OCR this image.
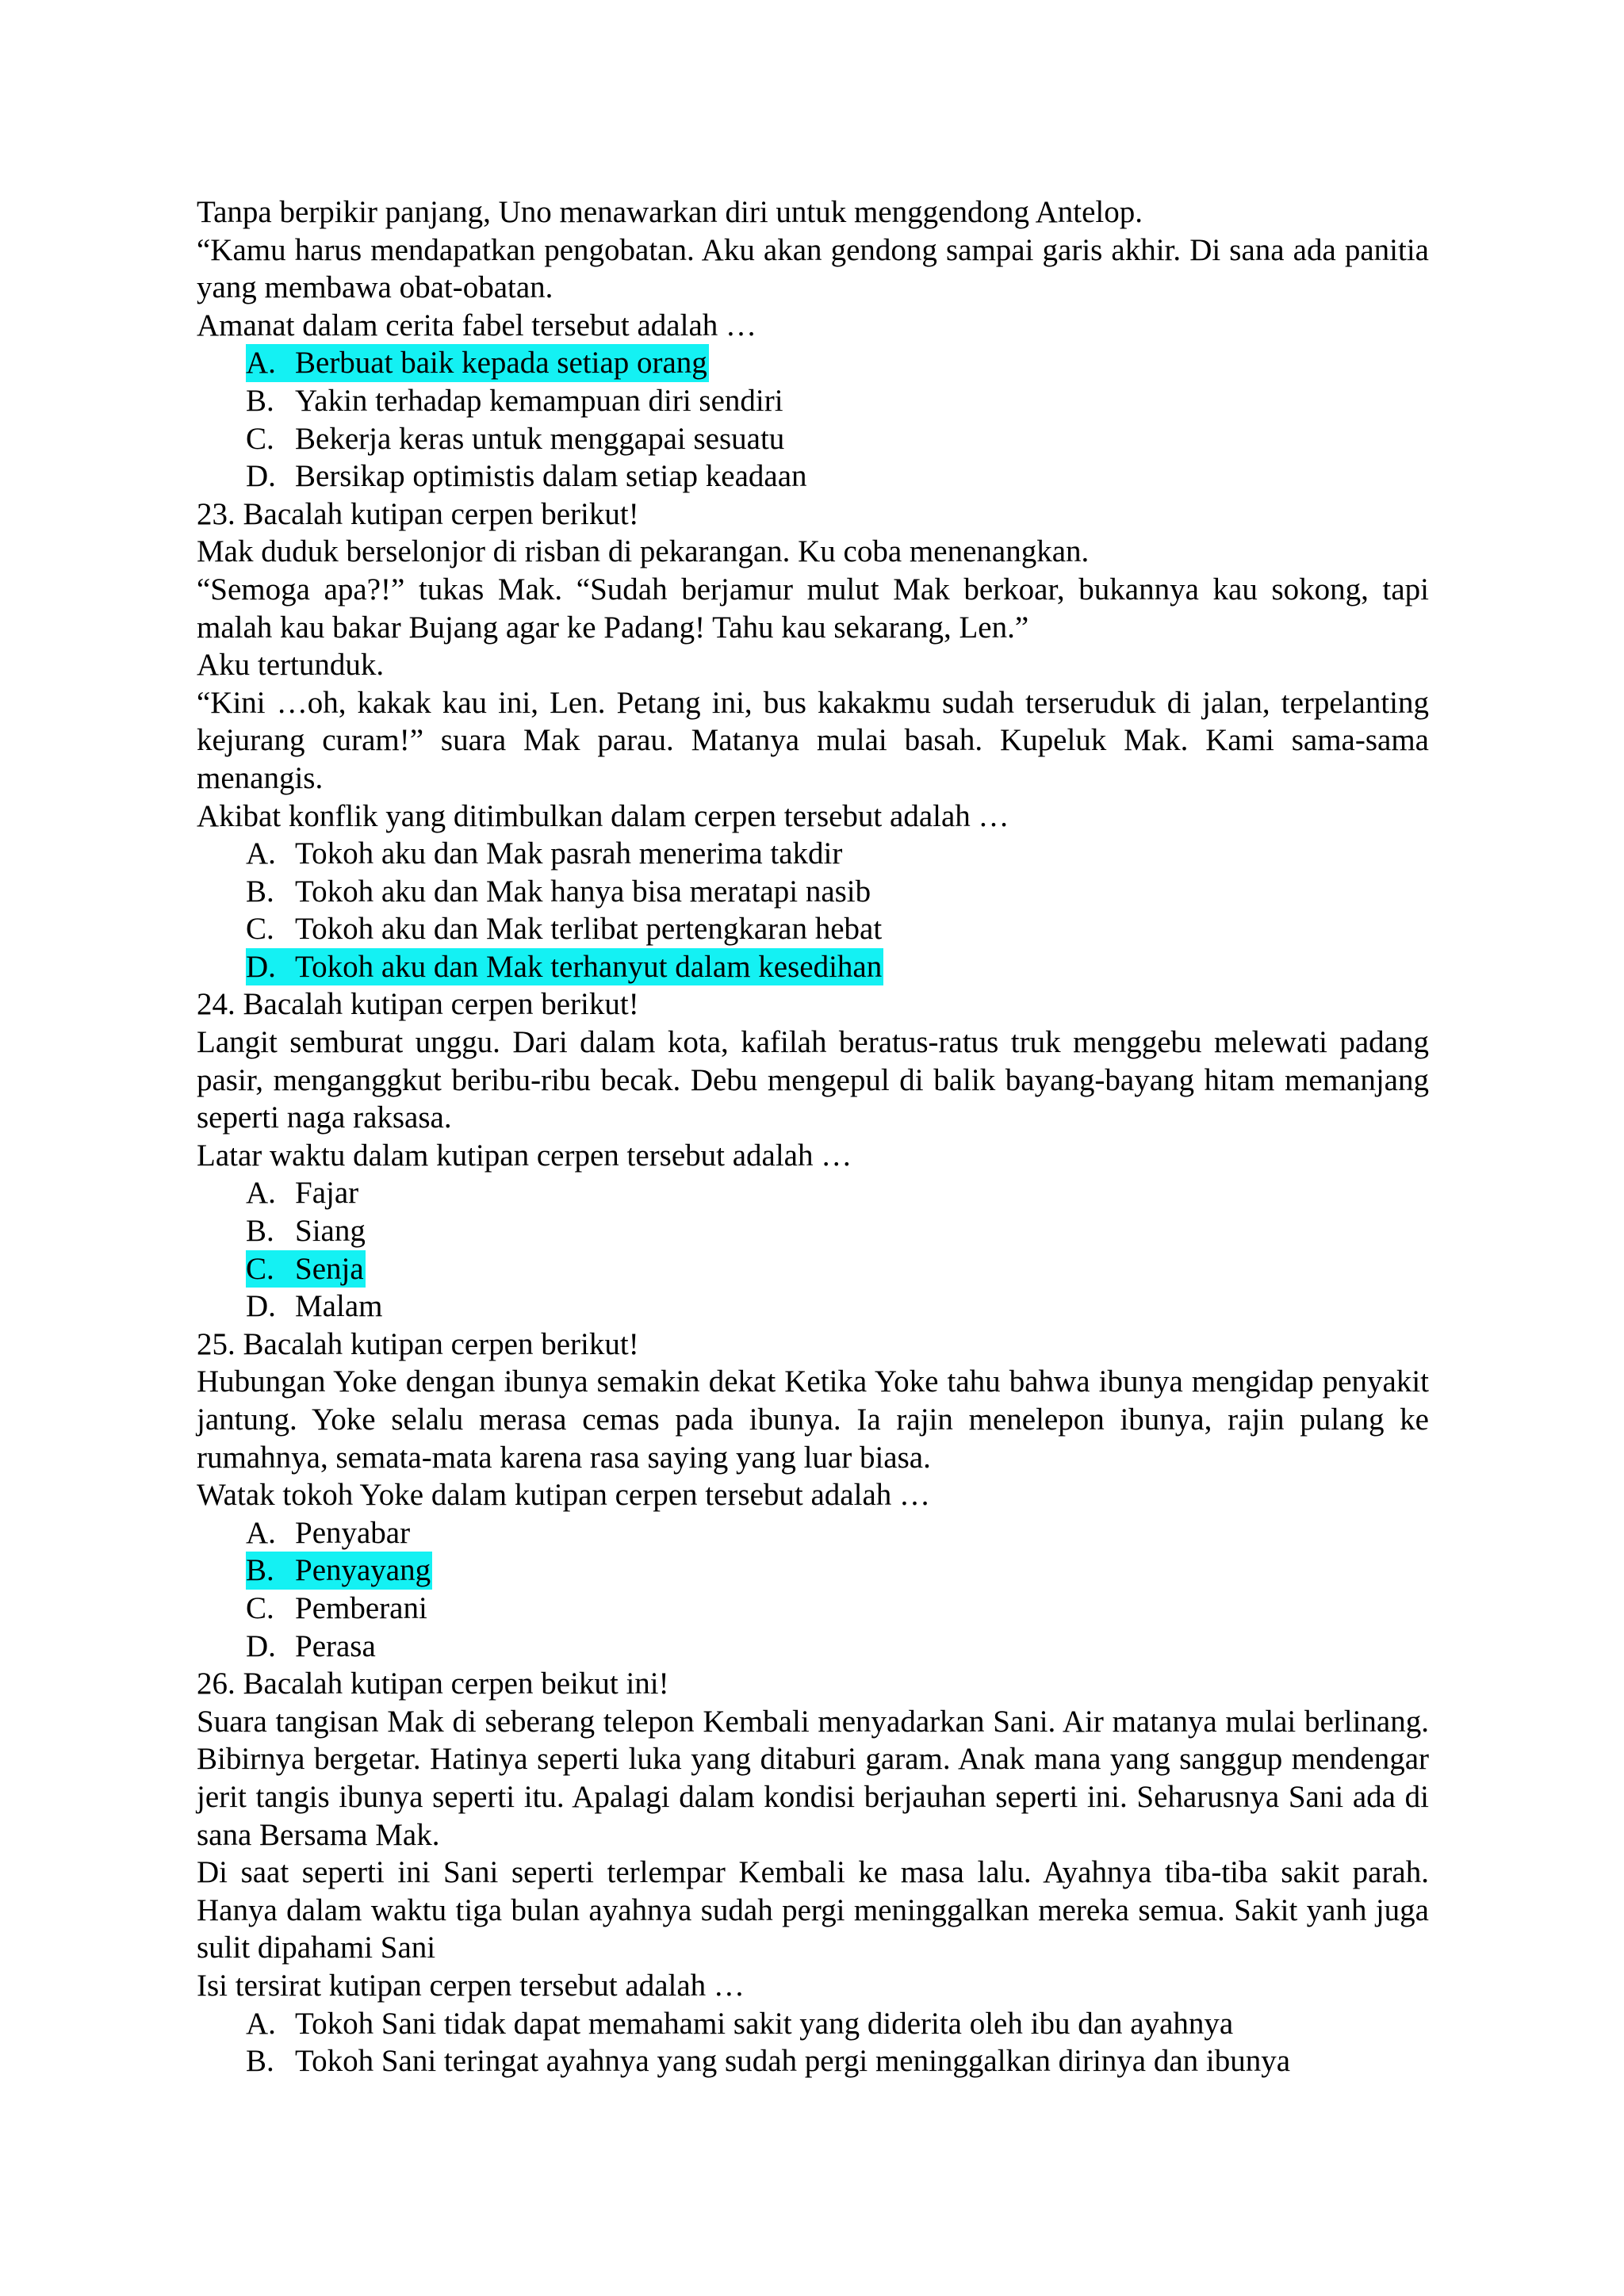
Tanpa berpikir panjang, Uno menawarkan diri untuk menggendong Antelop.

“Kamu harus mendapatkan pengobatan. Aku akan gendong sampai garis akhir. Di sana ada panitia yang membawa obat-obatan.

Amanat dalam cerita fabel tersebut adalah …

A. Berbuat baik kepada setiap orang
B. Yakin terhadap kemampuan diri sendiri
C. Bekerja keras untuk menggapai sesuatu
D. Bersikap optimistis dalam setiap keadaan

23. Bacalah kutipan cerpen berikut!

Mak duduk berselonjor di risban di pekarangan. Ku coba menenangkan.

“Semoga apa?!” tukas Mak. “Sudah berjamur mulut Mak berkoar, bukannya kau sokong, tapi malah kau bakar Bujang agar ke Padang! Tahu kau sekarang, Len.”

Aku tertunduk.

“Kini …oh, kakak kau ini, Len. Petang ini, bus kakakmu sudah terseruduk di jalan, terpelanting kejurang curam!” suara Mak parau. Matanya mulai basah. Kupeluk Mak. Kami sama-sama menangis.

Akibat konflik yang ditimbulkan dalam cerpen tersebut adalah …

A. Tokoh aku dan Mak pasrah menerima takdir
B. Tokoh aku dan Mak hanya bisa meratapi nasib
C. Tokoh aku dan Mak terlibat pertengkaran hebat
D. Tokoh aku dan Mak terhanyut dalam kesedihan

24. Bacalah kutipan cerpen berikut!

Langit semburat unggu. Dari dalam kota, kafilah beratus-ratus truk menggebu melewati padang pasir, menganggkut beribu-ribu becak. Debu mengepul di balik bayang-bayang hitam memanjang seperti naga raksasa.

Latar waktu dalam kutipan cerpen tersebut adalah …

A. Fajar
B. Siang
C. Senja
D. Malam

25. Bacalah kutipan cerpen berikut!

Hubungan Yoke dengan ibunya semakin dekat Ketika Yoke tahu bahwa ibunya mengidap penyakit jantung. Yoke selalu merasa cemas pada ibunya. Ia rajin menelepon ibunya, rajin pulang ke rumahnya, semata-mata karena rasa saying yang luar biasa.

Watak tokoh Yoke dalam kutipan cerpen tersebut adalah …

A. Penyabar
B. Penyayang
C. Pemberani
D. Perasa

26. Bacalah kutipan cerpen beikut ini!

Suara tangisan Mak di seberang telepon Kembali menyadarkan Sani. Air matanya mulai berlinang. Bibirnya bergetar. Hatinya seperti luka yang ditaburi garam. Anak mana yang sanggup mendengar jerit tangis ibunya seperti itu. Apalagi dalam kondisi berjauhan seperti ini. Seharusnya Sani ada di sana Bersama Mak.

Di saat seperti ini Sani seperti terlempar Kembali ke masa lalu. Ayahnya tiba-tiba sakit parah. Hanya dalam waktu tiga bulan ayahnya sudah pergi meninggalkan mereka semua. Sakit yanh juga sulit dipahami Sani

Isi tersirat kutipan cerpen tersebut adalah …

A. Tokoh Sani tidak dapat memahami sakit yang diderita oleh ibu dan ayahnya
B. Tokoh Sani teringat ayahnya yang sudah pergi meninggalkan dirinya dan ibunya
